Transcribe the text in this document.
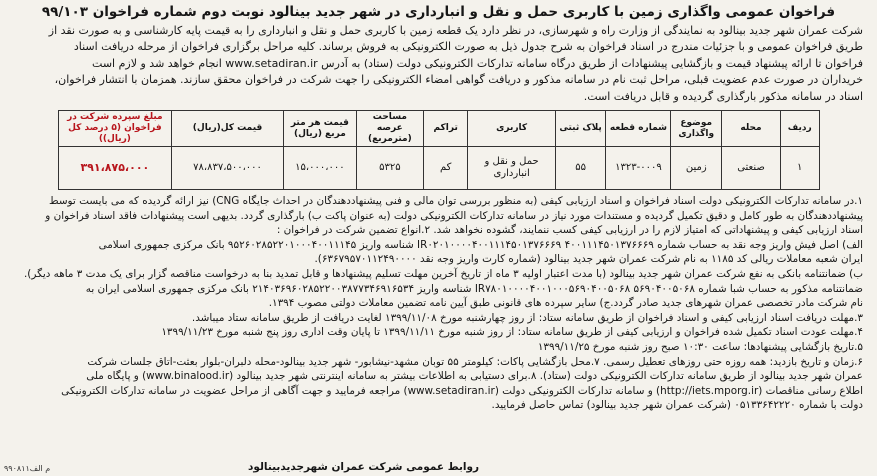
فراخوان عمومی واگذاری زمین با کاربری حمل و نقل و انبارداری در شهر جدید بینالود نوبت دوم شماره فراخوان ۹۹/۱۰۳

شرکت عمران شهر جدید بینالود به نمایندگی از وزارت راه و شهرسازی، در نظر دارد یک قطعه زمین با کاربری حمل و نقل و انبارداری را به قیمت پایه کارشناسی و به صورت نقد از

طریق فراخوان عمومی و با جزئیات مندرج در اسناد فراخوان به شرح جدول ذیل به صورت الکترونیکی به فروش برساند. کلیه مراحل برگزاری فراخوان از مرحله دریافت اسناد

فراخوان تا ارائه پیشنهاد قیمت و بازگشایی پیشنهادات از طریق درگاه سامانه تدارکات الکترونیکی دولت (ستاد) به آدرس www.setadiran.ir انجام خواهد شد و لازم است

خریداران در صورت عدم عضویت قبلی، مراحل ثبت نام در سامانه مذکور و دریافت گواهی امضاء الکترونیکی را جهت شرکت در فراخوان محقق سازند. همزمان با انتشار فراخوان،

اسناد در سامانه مذکور بارگذاری گردیده و قابل دریافت است.

ردیف	محله	موضوع واگذاری	شماره قطعه	پلاک ثبتی	کاربری	تراکم	مساحت عرصه (مترمربع)	قیمت هر متر مربع (ریال)	قیمت کل(ریال)	مبلغ سپرده شرکت در فراخوان (۵ درصد کل (ریال))
۱	صنعتی	زمین	۱۳۲۳-۰۰۰۹	۵۵	حمل و نقل و انبارداری	کم	۵۳۲۵	۱۵،۰۰۰،۰۰۰	۷۸،۸۳۷،۵۰۰،۰۰۰	۳۹۱،۸۷۵،۰۰۰

۱.در سامانه تدارکات الکترونیکی دولت اسناد فراخوان و اسناد ارزیابی کیفی (به منظور بررسی توان مالی و فنی پیشنهاددهندگان در احداث جایگاه CNG) نیز ارائه گردیده که می بایست توسط

پیشنهاددهندگان به طور کامل و دقیق تکمیل گردیده و مستندات مورد نیاز در سامانه تدارکات الکترونیکی دولت (به عنوان پاکت ب) بارگذاری گردد. بدیهی است پیشنهادات فاقد اسناد فراخوان و

اسناد ارزیابی کیفی و پیشنهاداتی که امتیاز لازم را در ارزیابی کیفی کسب ننمایند، گشوده نخواهد شد. ۲.انواع تضمین شرکت در فراخوان :

الف) اصل فیش واریز وجه نقد به حساب شماره ۴۰۰۱۱۱۴۵۰۱۳۷۶۶۶۹ IR۰۲۰۱۰۰۰۰۴۰۰۱۱۱۴۵۰۱۳۷۶۶۶۹ شناسه واریز ۹۵۲۶۰۲۸۵۲۲۰۱۰۰۰۴۰۰۱۱۱۴۵ بانک مرکزی جمهوری اسلامی

ایران شعبه معاملات ریالی کد ۱۱۸۵ به نام شرکت عمران شهر جدید بینالود (شماره کارت واریز وجه نقد ۶۳۶۷۹۵۷۰۱۱۲۴۹۰۰۰۰).

ب) ضمانتنامه بانکی به نفع شرکت عمران شهر جدید بینالود (با مدت اعتبار اولیه ۳ ماه از تاریخ آخرین مهلت تسلیم پیشنهادها و قابل تمدید بنا به درخواست مناقصه گزار برای یک مدت ۳ ماهه دیگر).

ضمانتنامه مذکور به حساب شبا شماره ۵۶۹۰۴۰۰۵۰۶۸ IR۷۸۰۱۰۰۰۰۴۰۰۱۰۰۰۵۶۹۰۴۰۰۵۰۶۸ شناسه واریز ۲۱۴۰۳۶۹۶۰۲۸۵۲۲۰۰۳۸۷۷۳۴۶۹۱۶۵۳۴ بانک مرکزی جمهوری اسلامی ایران به

نام شرکت مادر تخصصی عمران شهرهای جدید صادر گردد.ج) سایر سپرده های قانونی طبق آیین نامه تضمین معاملات دولتی مصوب ۱۳۹۴.

۳.مهلت دریافت اسناد ارزیابی کیفی و اسناد فراخوان از طریق سامانه ستاد: از روز چهارشنبه مورخ ۱۳۹۹/۱۱/۰۸ لغایت دریافت از طریق سامانه ستاد میباشد.

۴.مهلت عودت اسناد تکمیل شده فراخوان و ارزیابی کیفی از طریق سامانه ستاد: از روز شنبه مورخ ۱۳۹۹/۱۱/۱۱ تا پایان وقت اداری روز پنج شنبه مورخ ۱۳۹۹/۱۱/۲۳

۵.تاریخ بازگشایی پیشنهادها: ساعت ۱۰:۳۰ صبح روز شنبه مورخ ۱۳۹۹/۱۱/۲۵

۶.زمان و تاریخ بازدید: همه روزه حتی روزهای تعطیل رسمی. ۷.محل بازگشایی پاکات: کیلومتر ۵۵ توبان مشهد-نیشابور- شهر جدید بینالود-محله دلبران-بلوار بعثت-اتاق جلسات شرکت

عمران شهر جدید بینالود از طریق سامانه تدارکات الکترونیکی دولت (ستاد). ۸.برای دستیابی به اطلاعات بیشتر به سامانه اینترنتی شهر جدید بینالود (www.binalood.ir) و پایگاه ملی

اطلاع رسانی مناقصات (http://iets.mporg.ir) و سامانه تدارکات الکترونیکی دولت (www.setadiran.ir) مراجعه فرمایید و جهت آگاهی از مراحل عضویت در سامانه تدارکات الکترونیکی

دولت با شماره ۰۵۱۳۳۶۴۲۲۲۰ (شرکت عمران شهر جدید بینالود) تماس حاصل فرمایید.

م الف۹۹۰۸۱۱	روابط عمومی شرکت عمران شهرجدیدبینالود
